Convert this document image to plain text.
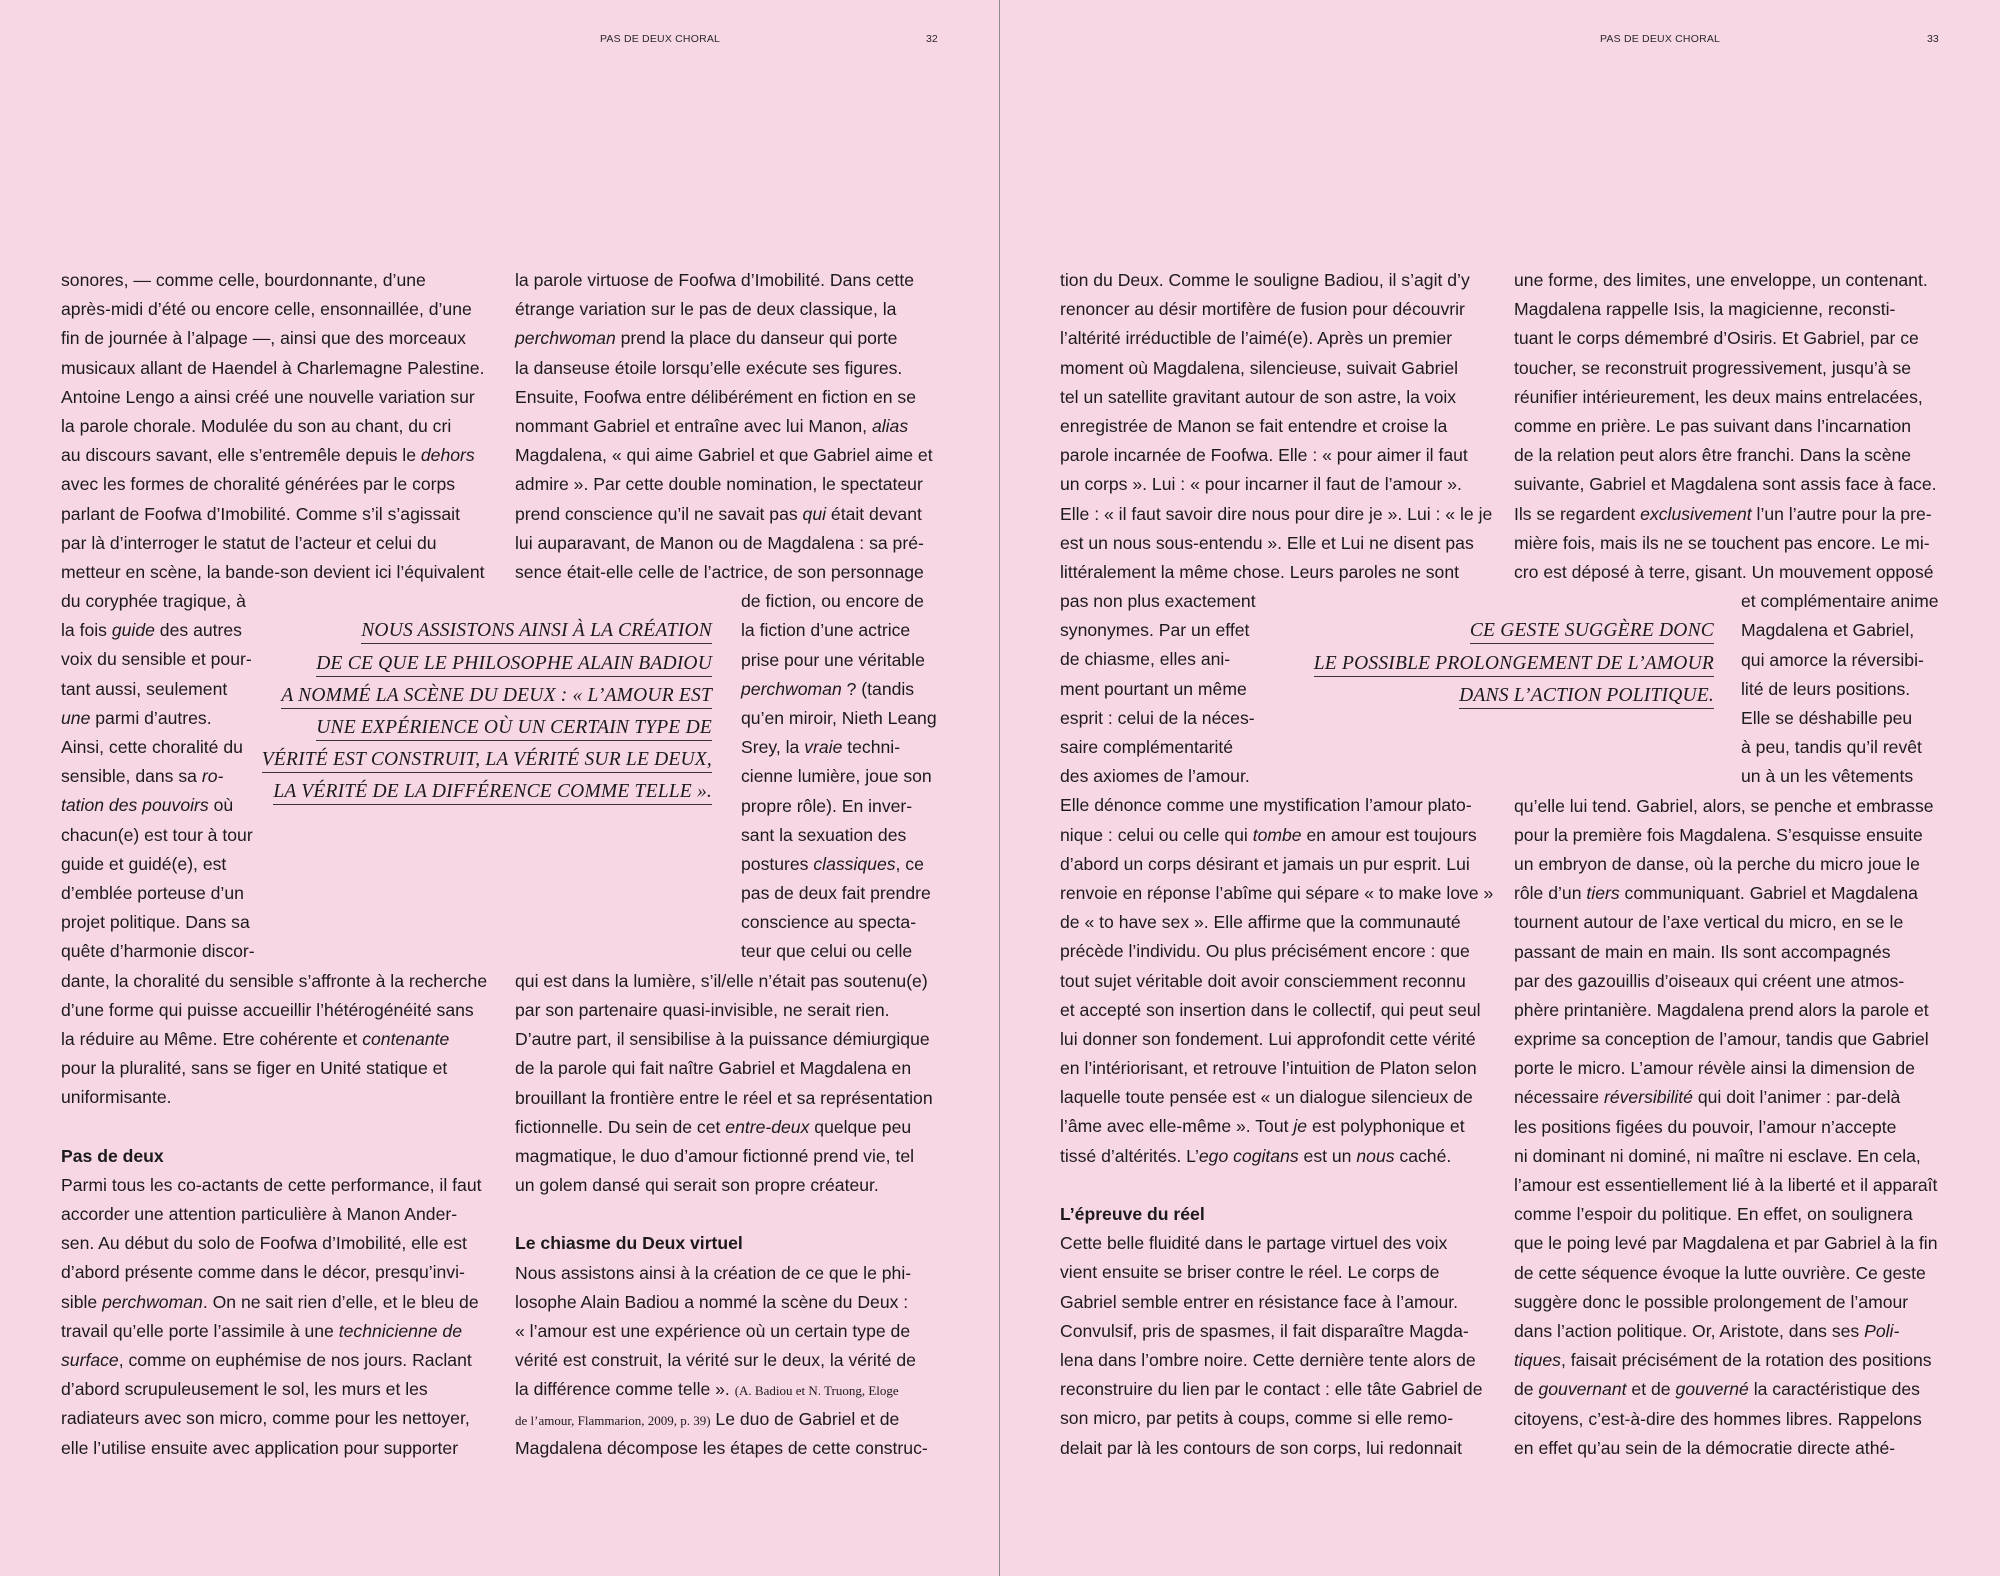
PAS DE DEUX CHORAL	32
sonores, — comme celle, bourdonnante, d’une
après-midi d’été ou encore celle, ensonnaillée, d’une
fin de journée à l’alpage —, ainsi que des morceaux
musicaux allant de Haendel à Charlemagne Palestine.
Antoine Lengo a ainsi créé une nouvelle variation sur
la parole chorale. Modulée du son au chant, du cri
au discours savant, elle s’entremêle depuis le dehors
avec les formes de choralité générées par le corps
parlant de Foofwa d’Imobilité. Comme s’il s’agissait
par là d’interroger le statut de l’acteur et celui du
metteur en scène, la bande-son devient ici l’équivalent
du coryphée tragique, à
la fois guide des autres
voix du sensible et pour-
tant aussi, seulement
une parmi d’autres.
Ainsi, cette choralité du
sensible, dans sa ro-
tation des pouvoirs où
chacun(e) est tour à tour
guide et guidé(e), est
d’emblée porteuse d’un
projet politique. Dans sa
quête d’harmonie discor-
dante, la choralité du sensible s’affronte à la recherche
d’une forme qui puisse accueillir l’hétérogénéité sans
la réduire au Même. Etre cohérente et contenante
pour la pluralité, sans se figer en Unité statique et
uniformisante.
Pas de deux
Parmi tous les co-actants de cette performance, il faut
accorder une attention particulière à Manon Ander-
sen. Au début du solo de Foofwa d’Imobilité, elle est
d’abord présente comme dans le décor, presqu’invi-
sible perchwoman. On ne sait rien d’elle, et le bleu de
travail qu’elle porte l’assimile à une technicienne de
surface, comme on euphémise de nos jours. Raclant
d’abord scrupuleusement le sol, les murs et les
radiateurs avec son micro, comme pour les nettoyer,
elle l’utilise ensuite avec application pour supporter
la parole virtuose de Foofwa d’Imobilité. Dans cette
étrange variation sur le pas de deux classique, la
perchwoman prend la place du danseur qui porte
la danseuse étoile lorsqu’elle exécute ses figures.
Ensuite, Foofwa entre délibérément en fiction en se
nommant Gabriel et entraîne avec lui Manon, alias
Magdalena, « qui aime Gabriel et que Gabriel aime et
admire ». Par cette double nomination, le spectateur
prend conscience qu’il ne savait pas qui était devant
lui auparavant, de Manon ou de Magdalena : sa pré-
sence était-elle celle de l’actrice, de son personnage
de fiction, ou encore de
la fiction d’une actrice
prise pour une véritable
perchwoman ? (tandis
qu’en miroir, Nieth Leang
Srey, la vraie techni-
cienne lumière, joue son
propre rôle). En inver-
sant la sexuation des
postures classiques, ce
pas de deux fait prendre
conscience au specta-
teur que celui ou celle
qui est dans la lumière, s’il/elle n’était pas soutenu(e)
par son partenaire quasi-invisible, ne serait rien.
D’autre part, il sensibilise à la puissance démiurgique
de la parole qui fait naître Gabriel et Magdalena en
brouillant la frontière entre le réel et sa représentation
fictionnelle. Du sein de cet entre-deux quelque peu
magmatique, le duo d’amour fictionné prend vie, tel
un golem dansé qui serait son propre créateur.
Le chiasme du Deux virtuel
Nous assistons ainsi à la création de ce que le phi-
losophe Alain Badiou a nommé la scène du Deux :
« l’amour est une expérience où un certain type de
vérité est construit, la vérité sur le deux, la vérité de
la différence comme telle ». (A. Badiou et N. Truong, Eloge
de l’amour, Flammarion, 2009, p. 39) Le duo de Gabriel et de
Magdalena décompose les étapes de cette construc-
NOUS ASSISTONS AINSI À LA CRÉATION
DE CE QUE LE PHILOSOPHE ALAIN BADIOU
A NOMMÉ LA SCÈNE DU DEUX : « L’AMOUR EST
UNE EXPÉRIENCE OÙ UN CERTAIN TYPE DE
VÉRITÉ EST CONSTRUIT, LA VÉRITÉ SUR LE DEUX,
LA VÉRITÉ DE LA DIFFÉRENCE COMME TELLE ».
PAS DE DEUX CHORAL	33
tion du Deux. Comme le souligne Badiou, il s’agit d’y
renoncer au désir mortifère de fusion pour découvrir
l’altérité irréductible de l’aimé(e). Après un premier
moment où Magdalena, silencieuse, suivait Gabriel
tel un satellite gravitant autour de son astre, la voix
enregistrée de Manon se fait entendre et croise la
parole incarnée de Foofwa. Elle : « pour aimer il faut
un corps ». Lui : « pour incarner il faut de l’amour ».
Elle : « il faut savoir dire nous pour dire je ». Lui : « le je
est un nous sous-entendu ». Elle et Lui ne disent pas
littéralement la même chose. Leurs paroles ne sont
pas non plus exactement
synonymes. Par un effet
de chiasme, elles ani-
ment pourtant un même
esprit : celui de la néces-
saire complémentarité
des axiomes de l’amour.
Elle dénonce comme une mystification l’amour plato-
nique : celui ou celle qui tombe en amour est toujours
d’abord un corps désirant et jamais un pur esprit. Lui
renvoie en réponse l’abîme qui sépare « to make love »
de « to have sex ». Elle affirme que la communauté
précède l’individu. Ou plus précisément encore : que
tout sujet véritable doit avoir consciemment reconnu
et accepté son insertion dans le collectif, qui peut seul
lui donner son fondement. Lui approfondit cette vérité
en l’intériorisant, et retrouve l’intuition de Platon selon
laquelle toute pensée est « un dialogue silencieux de
l’âme avec elle-même ». Tout je est polyphonique et
tissé d’altérités. L’ego cogitans est un nous caché.
L’épreuve du réel
Cette belle fluidité dans le partage virtuel des voix
vient ensuite se briser contre le réel. Le corps de
Gabriel semble entrer en résistance face à l’amour.
Convulsif, pris de spasmes, il fait disparaître Magda-
lena dans l’ombre noire. Cette dernière tente alors de
reconstruire du lien par le contact : elle tâte Gabriel de
son micro, par petits à coups, comme si elle remo-
delait par là les contours de son corps, lui redonnait
une forme, des limites, une enveloppe, un contenant.
Magdalena rappelle Isis, la magicienne, reconsti-
tuant le corps démembré d’Osiris. Et Gabriel, par ce
toucher, se reconstruit progressivement, jusqu’à se
réunifier intérieurement, les deux mains entrelacées,
comme en prière. Le pas suivant dans l’incarnation
de la relation peut alors être franchi. Dans la scène
suivante, Gabriel et Magdalena sont assis face à face.
Ils se regardent exclusivement l’un l’autre pour la pre-
mière fois, mais ils ne se touchent pas encore. Le mi-
cro est déposé à terre, gisant. Un mouvement opposé
et complémentaire anime
Magdalena et Gabriel,
qui amorce la réversibi-
lité de leurs positions.
Elle se déshabille peu
à peu, tandis qu’il revêt
un à un les vêtements
qu’elle lui tend. Gabriel, alors, se penche et embrasse
pour la première fois Magdalena. S’esquisse ensuite
un embryon de danse, où la perche du micro joue le
rôle d’un tiers communiquant. Gabriel et Magdalena
tournent autour de l’axe vertical du micro, en se le
passant de main en main. Ils sont accompagnés
par des gazouillis d’oiseaux qui créent une atmos-
phère printanière. Magdalena prend alors la parole et
exprime sa conception de l’amour, tandis que Gabriel
porte le micro. L’amour révèle ainsi la dimension de
nécessaire réversibilité qui doit l’animer : par-delà
les positions figées du pouvoir, l’amour n’accepte
ni dominant ni dominé, ni maître ni esclave. En cela,
l’amour est essentiellement lié à la liberté et il apparaît
comme l’espoir du politique. En effet, on soulignera
que le poing levé par Magdalena et par Gabriel à la fin
de cette séquence évoque la lutte ouvrière. Ce geste
suggère donc le possible prolongement de l’amour
dans l’action politique. Or, Aristote, dans ses Poli-
tiques, faisait précisément de la rotation des positions
de gouvernant et de gouverné la caractéristique des
citoyens, c’est-à-dire des hommes libres. Rappelons
en effet qu’au sein de la démocratie directe athé-
CE GESTE SUGGÈRE DONC
LE POSSIBLE PROLONGEMENT DE L’AMOUR
DANS L’ACTION POLITIQUE.
